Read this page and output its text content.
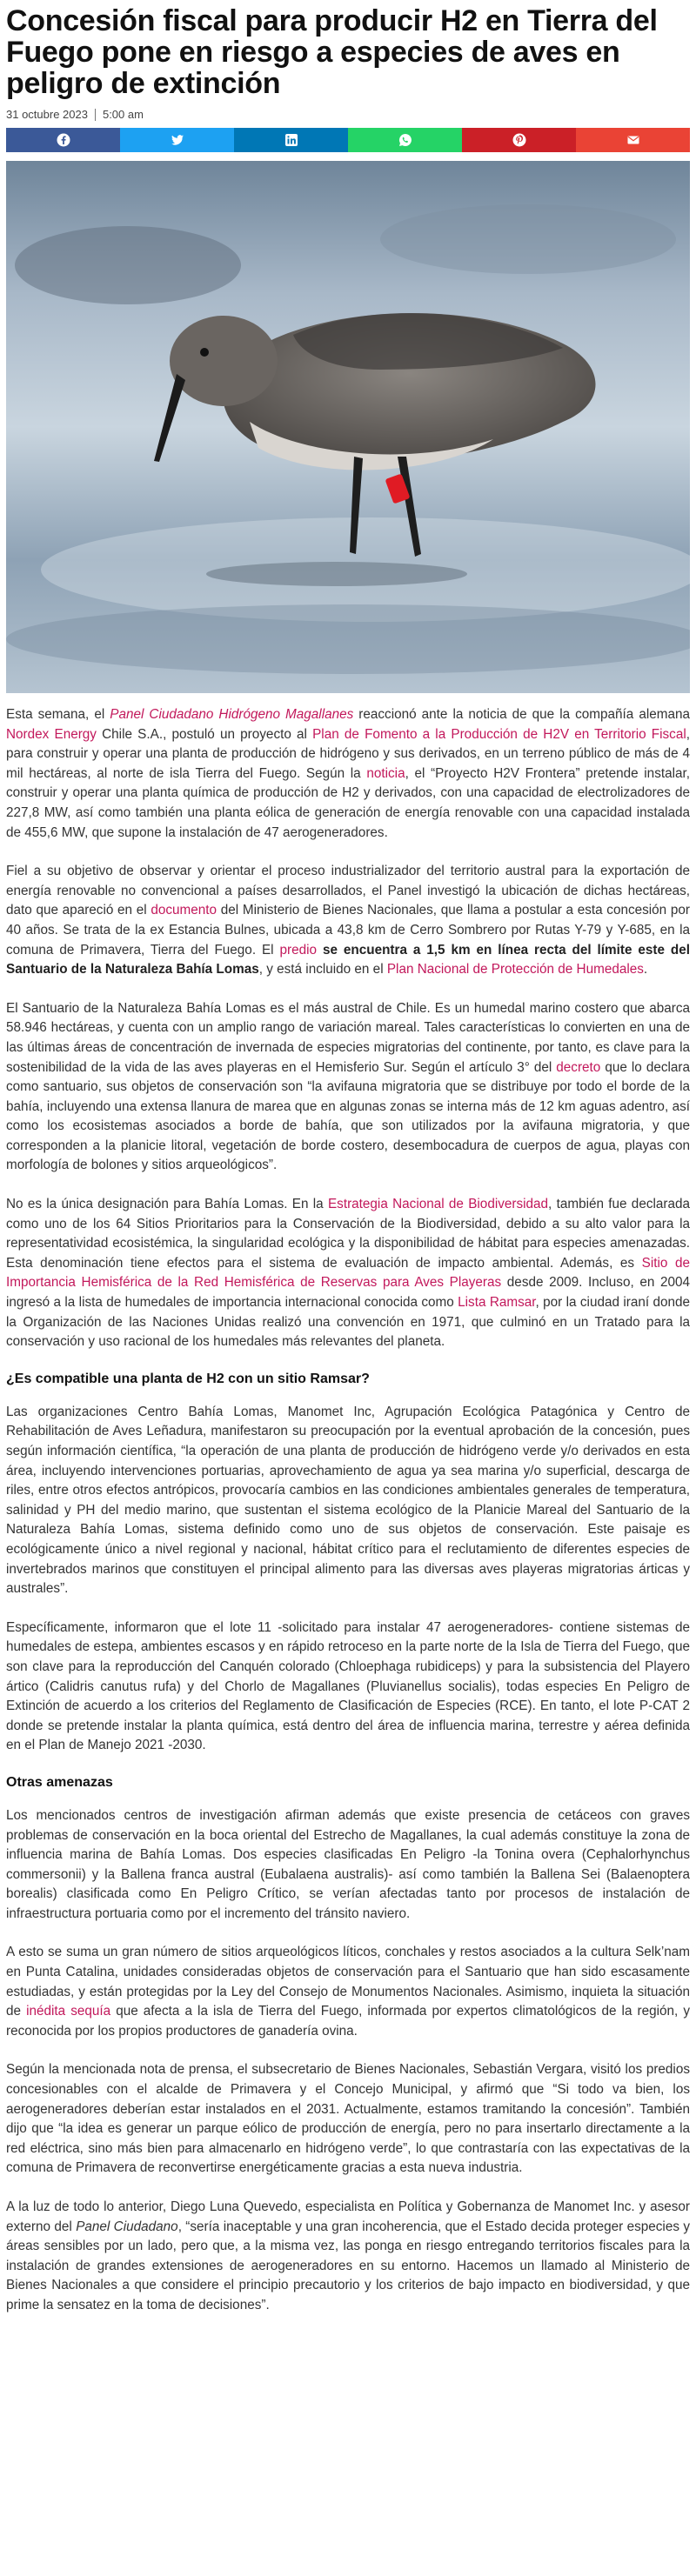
Concesión fiscal para producir H2 en Tierra del Fuego pone en riesgo a especies de aves en peligro de extinción
31 octubre 2023 5:00 am

Esta semana, el Panel Ciudadano Hidrógeno Magallanes reaccionó ante la noticia de que la compañía alemana Nordex Energy Chile S.A., postuló un proyecto al Plan de Fomento a la Producción de H2V en Territorio Fiscal, para construir y operar una planta de producción de hidrógeno y sus derivados, en un terreno público de más de 4 mil hectáreas, al norte de isla Tierra del Fuego. Según la noticia, el “Proyecto H2V Frontera” pretende instalar, construir y operar una planta química de producción de H2 y derivados, con una capacidad de electrolizadores de 227,8 MW, así como también una planta eólica de generación de energía renovable con una capacidad instalada de 455,6 MW, que supone la instalación de 47 aerogeneradores.

Fiel a su objetivo de observar y orientar el proceso industrializador del territorio austral para la exportación de energía renovable no convencional a países desarrollados, el Panel investigó la ubicación de dichas hectáreas, dato que apareció en el documento del Ministerio de Bienes Nacionales, que llama a postular a esta concesión por 40 años. Se trata de la ex Estancia Bulnes, ubicada a 43,8 km de Cerro Sombrero por Rutas Y-79 y Y-685, en la comuna de Primavera, Tierra del Fuego. El predio se encuentra a 1,5 km en línea recta del límite este del Santuario de la Naturaleza Bahía Lomas, y está incluido en el Plan Nacional de Protección de Humedales.

El Santuario de la Naturaleza Bahía Lomas es el más austral de Chile. Es un humedal marino costero que abarca 58.946 hectáreas, y cuenta con un amplio rango de variación mareal. Tales características lo convierten en una de las últimas áreas de concentración de invernada de especies migratorias del continente, por tanto, es clave para la sostenibilidad de la vida de las aves playeras en el Hemisferio Sur. Según el artículo 3° del decreto que lo declara como santuario, sus objetos de conservación son “la avifauna migratoria que se distribuye por todo el borde de la bahía, incluyendo una extensa llanura de marea que en algunas zonas se interna más de 12 km aguas adentro, así como los ecosistemas asociados a borde de bahía, que son utilizados por la avifauna migratoria, y que corresponden a la planicie litoral, vegetación de borde costero, desembocadura de cuerpos de agua, playas con morfología de bolones y sitios arqueológicos”.

No es la única designación para Bahía Lomas. En la Estrategia Nacional de Biodiversidad, también fue declarada como uno de los 64 Sitios Prioritarios para la Conservación de la Biodiversidad, debido a su alto valor para la representatividad ecosistémica, la singularidad ecológica y la disponibilidad de hábitat para especies amenazadas. Esta denominación tiene efectos para el sistema de evaluación de impacto ambiental. Además, es Sitio de Importancia Hemisférica de la Red Hemisférica de Reservas para Aves Playeras desde 2009. Incluso, en 2004 ingresó a la lista de humedales de importancia internacional conocida como Lista Ramsar, por la ciudad iraní donde la Organización de las Naciones Unidas realizó una convención en 1971, que culminó en un Tratado para la conservación y uso racional de los humedales más relevantes del planeta.

¿Es compatible una planta de H2 con un sitio Ramsar?

Las organizaciones Centro Bahía Lomas, Manomet Inc, Agrupación Ecológica Patagónica y Centro de Rehabilitación de Aves Leñadura, manifestaron su preocupación por la eventual aprobación de la concesión, pues según información científica, “la operación de una planta de producción de hidrógeno verde y/o derivados en esta área, incluyendo intervenciones portuarias, aprovechamiento de agua ya sea marina y/o superficial, descarga de riles, entre otros efectos antrópicos, provocaría cambios en las condiciones ambientales generales de temperatura, salinidad y PH del medio marino, que sustentan el sistema ecológico de la Planicie Mareal del Santuario de la Naturaleza Bahía Lomas, sistema definido como uno de sus objetos de conservación. Este paisaje es ecológicamente único a nivel regional y nacional, hábitat crítico para el reclutamiento de diferentes especies de invertebrados marinos que constituyen el principal alimento para las diversas aves playeras migratorias árticas y australes”.

Específicamente, informaron que el lote 11 -solicitado para instalar 47 aerogeneradores- contiene sistemas de humedales de estepa, ambientes escasos y en rápido retroceso en la parte norte de la Isla de Tierra del Fuego, que son clave para la reproducción del Canquén colorado (Chloephaga rubidiceps) y para la subsistencia del Playero ártico (Calidris canutus rufa) y del Chorlo de Magallanes (Pluvianellus socialis), todas especies En Peligro de Extinción de acuerdo a los criterios del Reglamento de Clasificación de Especies (RCE). En tanto, el lote P-CAT 2 donde se pretende instalar la planta química, está dentro del área de influencia marina, terrestre y aérea definida en el Plan de Manejo 2021 -2030.

Otras amenazas

Los mencionados centros de investigación afirman además que existe presencia de cetáceos con graves problemas de conservación en la boca oriental del Estrecho de Magallanes, la cual además constituye la zona de influencia marina de Bahía Lomas. Dos especies clasificadas En Peligro -la Tonina overa (Cephalorhynchus commersonii) y la Ballena franca austral (Eubalaena australis)- así como también la Ballena Sei (Balaenoptera borealis) clasificada como En Peligro Crítico, se verían afectadas tanto por procesos de instalación de infraestructura portuaria como por el incremento del tránsito naviero.

A esto se suma un gran número de sitios arqueológicos líticos, conchales y restos asociados a la cultura Selk’nam en Punta Catalina, unidades consideradas objetos de conservación para el Santuario que han sido escasamente estudiadas, y están protegidas por la Ley del Consejo de Monumentos Nacionales. Asimismo, inquieta la situación de inédita sequía que afecta a la isla de Tierra del Fuego, informada por expertos climatológicos de la región, y reconocida por los propios productores de ganadería ovina.

Según la mencionada nota de prensa, el subsecretario de Bienes Nacionales, Sebastián Vergara, visitó los predios concesionables con el alcalde de Primavera y el Concejo Municipal, y afirmó que “Si todo va bien, los aerogeneradores deberían estar instalados en el 2031. Actualmente, estamos tramitando la concesión”. También dijo que “la idea es generar un parque eólico de producción de energía, pero no para insertarlo directamente a la red eléctrica, sino más bien para almacenarlo en hidrógeno verde”, lo que contrastaría con las expectativas de la comuna de Primavera de reconvertirse energéticamente gracias a esta nueva industria.

A la luz de todo lo anterior, Diego Luna Quevedo, especialista en Política y Gobernanza de Manomet Inc. y asesor externo del Panel Ciudadano, “sería inaceptable y una gran incoherencia, que el Estado decida proteger especies y áreas sensibles por un lado, pero que, a la misma vez, las ponga en riesgo entregando territorios fiscales para la instalación de grandes extensiones de aerogeneradores en su entorno. Hacemos un llamado al Ministerio de Bienes Nacionales a que considere el principio precautorio y los criterios de bajo impacto en biodiversidad, y que prime la sensatez en la toma de decisiones”.
